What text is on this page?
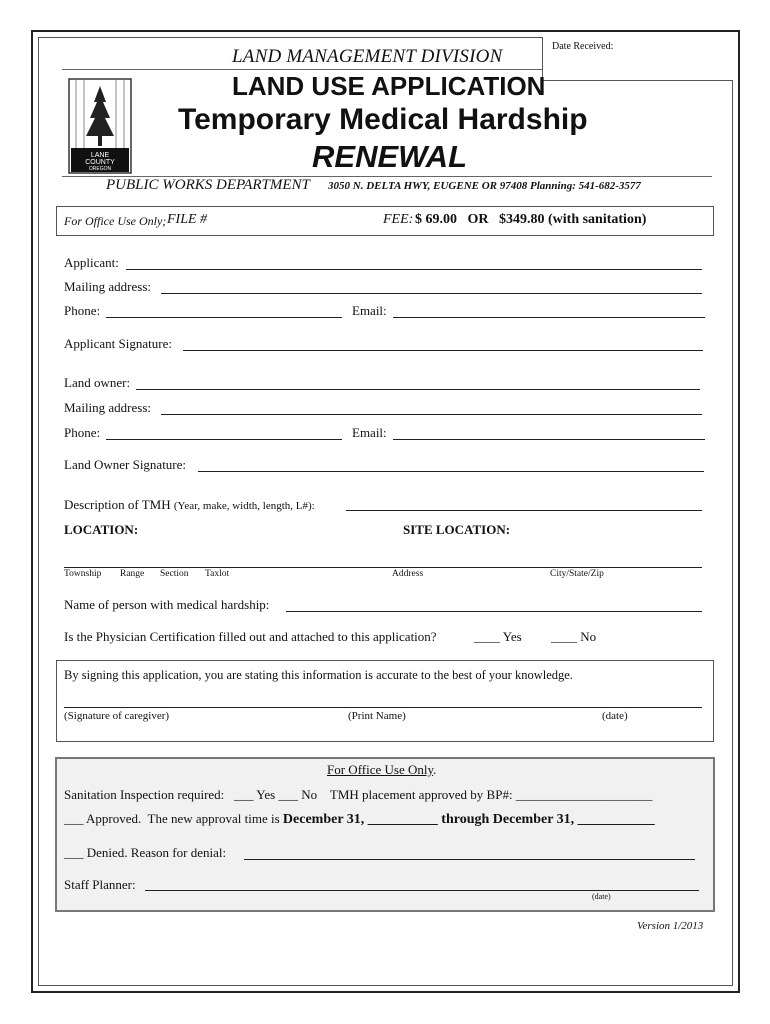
Date Received:
LAND MANAGEMENT DIVISION
LANE
COUNTY
OREGON
LAND USE APPLICATION
Temporary Medical Hardship
RENEWAL
PUBLIC WORKS DEPARTMENT 3050 N. DELTA HWY, EUGENE OR 97408 Planning: 541-682-3577
For Office Use Only; FILE #	FEE: $ 69.00   OR   $349.80 (with sanitation)
Applicant:
Mailing address:
Phone:	Email:
Applicant Signature:
Land owner:
Mailing address:
Phone:	Email:
Land Owner Signature:
Description of TMH (Year, make, width, length, L#):
LOCATION:	SITE LOCATION:
Township Range Section Taxlot	Address	City/State/Zip
Name of person with medical hardship:
Is the Physician Certification filled out and attached to this application?	____ Yes ____ No
By signing this application, you are stating this information is accurate to the best of your knowledge.
(Signature of caregiver)	(Print Name)	(date)
For Office Use Only.
Sanitation Inspection required:   ___ Yes ___ No    TMH placement approved by BP#: _____________________
___ Approved.  The new approval time is December 31, __________ through December 31, ___________
___ Denied. Reason for denial:
Staff Planner:
(date)
Version 1/2013
